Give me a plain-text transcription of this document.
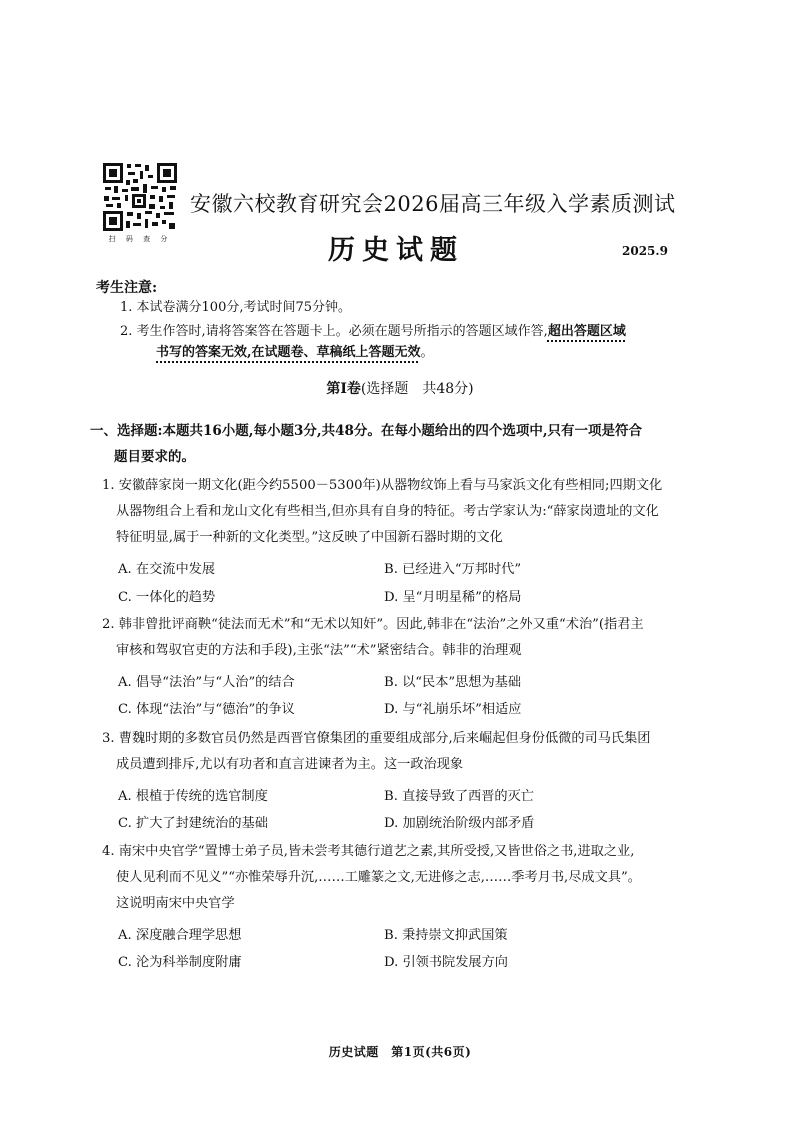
扫 码 查 分
安徽六校教育研究会2026届高三年级入学素质测试
历史试题	2025.9
考生注意:
1. 本试卷满分100分,考试时间75分钟。
2. 考生作答时,请将答案答在答题卡上。必须在题号所指示的答题区域作答,超出答题区域
书写的答案无效,在试题卷、草稿纸上答题无效。
第Ⅰ卷(选择题　共48分)
一、选择题:本题共16小题,每小题3分,共48分。在每小题给出的四个选项中,只有一项是符合
题目要求的。
1. 安徽薛家岗一期文化(距今约5500－5300年)从器物纹饰上看与马家浜文化有些相同;四期文化
从器物组合上看和龙山文化有些相当,但亦具有自身的特征。考古学家认为:“薛家岗遗址的文化
特征明显,属于一种新的文化类型。”这反映了中国新石器时期的文化
A. 在交流中发展	B. 已经进入“万邦时代”
C. 一体化的趋势	D. 呈“月明星稀”的格局
2. 韩非曾批评商鞅“徒法而无术”和“无术以知奸”。因此,韩非在“法治”之外又重“术治”(指君主
审核和驾驭官吏的方法和手段),主张“法”“术”紧密结合。韩非的治理观
A. 倡导“法治”与“人治”的结合	B. 以“民本”思想为基础
C. 体现“法治”与“德治”的争议	D. 与“礼崩乐坏”相适应
3. 曹魏时期的多数官员仍然是西晋官僚集团的重要组成部分,后来崛起但身份低微的司马氏集团
成员遭到排斥,尤以有功者和直言进谏者为主。这一政治现象
A. 根植于传统的选官制度	B. 直接导致了西晋的灭亡
C. 扩大了封建统治的基础	D. 加剧统治阶级内部矛盾
4. 南宋中央官学“置博士弟子员,皆未尝考其德行道艺之素,其所受授,又皆世俗之书,进取之业,
使人见利而不见义”“亦惟荣辱升沉,……工雕篆之文,无进修之志,……季考月书,尽成文具”。
这说明南宋中央官学
A. 深度融合理学思想	B. 秉持崇文抑武国策
C. 沦为科举制度附庸	D. 引领书院发展方向
历史试题　第1页(共6页)
